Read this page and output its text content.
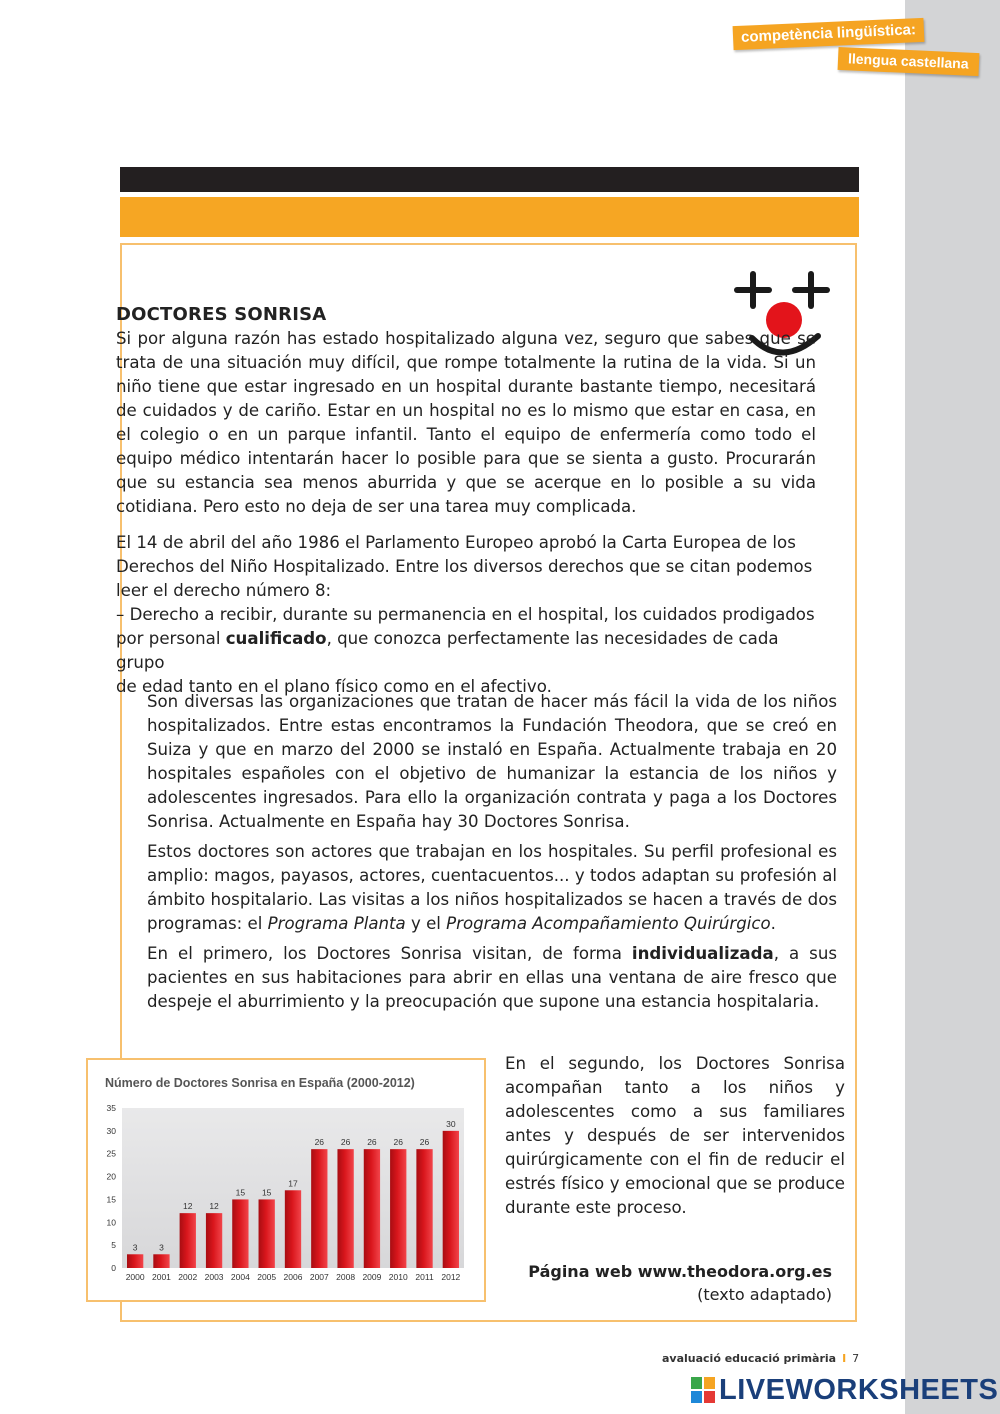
competència lingüística:
llengua castellana
DOCTORES SONRISA

Si por alguna razón has estado hospitalizado alguna vez, seguro que sabes que se trata de una situación muy difícil, que rompe totalmente la rutina de la vida. Si un niño tiene que estar ingresado en un hospital durante bastante tiempo, necesitará de cuidados y de cariño. Estar en un hospital no es lo mismo que estar en casa, en el colegio o en un parque infantil. Tanto el equipo de enfermería como todo el equipo médico intentarán hacer lo posible para que se sienta a gusto. Procurarán que su estancia sea menos aburrida y que se acerque en lo posible a su vida cotidiana. Pero esto no deja de ser una tarea muy complicada.

El 14 de abril del año 1986 el Parlamento Europeo aprobó la Carta Europea de los
Derechos del Niño Hospitalizado. Entre los diversos derechos que se citan podemos
leer el derecho número 8:
– Derecho a recibir, durante su permanencia en el hospital, los cuidados prodigados
por personal cualificado, que conozca perfectamente las necesidades de cada grupo
de edad tanto en el plano físico como en el afectivo.

Son diversas las organizaciones que tratan de hacer más fácil la vida de los niños hospitalizados. Entre estas encontramos la Fundación Theodora, que se creó en Suiza y que en marzo del 2000 se instaló en España. Actualmente trabaja en 20 hospitales españoles con el objetivo de humanizar la estancia de los niños y adolescentes ingresados. Para ello la organización contrata y paga a los Doctores Sonrisa. Actualmente en España hay 30 Doctores Sonrisa.

Estos doctores son actores que trabajan en los hospitales. Su perfil profesional es amplio: magos, payasos, actores, cuentacuentos... y todos adaptan su profesión al ámbito hospitalario. Las visitas a los niños hospitalizados se hacen a través de dos programas: el Programa Planta y el Programa Acompañamiento Quirúrgico.

En el primero, los Doctores Sonrisa visitan, de forma individualizada, a sus pacientes en sus habitaciones para abrir en ellas una ventana de aire fresco que despeje el aburrimiento y la preocupación que supone una estancia hospitalaria.

Número de Doctores Sonrisa en España (2000-2012)
0
5
10
15
20
25
30
35
3
2000
3
2001
12
2002
12
2003
15
2004
15
2005
17
2006
26
2007
26
2008
26
2009
26
2010
26
2011
30
2012

En el segundo, los Doctores Sonrisa acompañan tanto a los niños y adolescentes como a sus familiares antes y después de ser intervenidos quirúrgicamente con el fin de reducir el estrés físico y emocional que se produce durante este proceso.

Página web www.theodora.org.es
(texto adaptado)
avaluació educació primària I 7
LIVEWORKSHEETS
